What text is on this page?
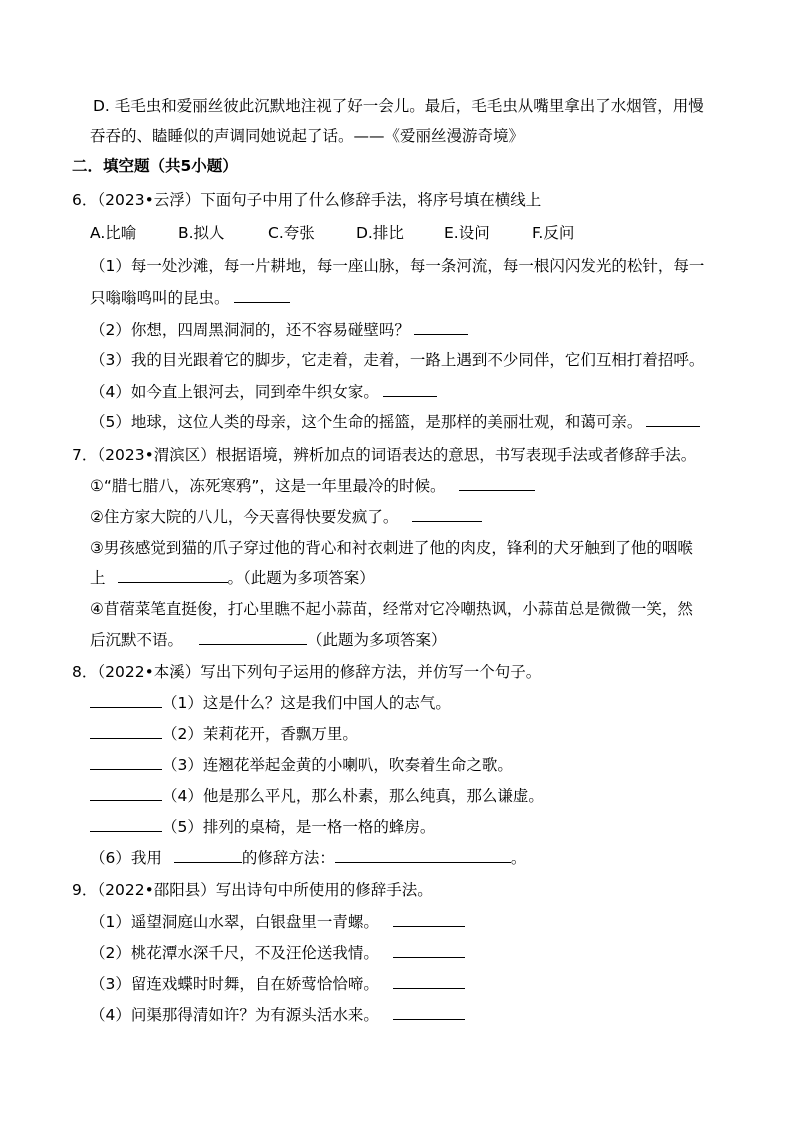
D. 毛毛虫和爱丽丝彼此沉默地注视了好一会儿。最后，毛毛虫从嘴里拿出了水烟管，用慢
吞吞的、瞌睡似的声调同她说起了话。——《爱丽丝漫游奇境》
二．填空题（共5小题）
6．（2023•云浮）下面句子中用了什么修辞手法，将序号填在横线上
A.比喻	B.拟人	C.夸张	D.排比	E.设问	F.反问
（1）每一处沙滩，每一片耕地，每一座山脉，每一条河流，每一根闪闪发光的松针，每一
只嗡嗡鸣叫的昆虫。
（2）你想，四周黑洞洞的，还不容易碰壁吗？
（3）我的目光跟着它的脚步，它走着，走着，一路上遇到不少同伴，它们互相打着招呼。
（4）如今直上银河去，同到牵牛织女家。
（5）地球，这位人类的母亲，这个生命的摇篮，是那样的美丽壮观，和蔼可亲。
7．（2023•渭滨区）根据语境，辨析加点的词语表达的意思，书写表现手法或者修辞手法。
①“腊七腊八，冻死寒鸦”，这是一年里最冷的时候。
②住方家大院的八儿，今天喜得快要发疯了。
③男孩感觉到猫的爪子穿过他的背心和衬衣刺进了他的肉皮，锋利的犬牙触到了他的咽喉
上	。（此题为多项答案）
④苜蓿菜笔直挺俊，打心里瞧不起小蒜苗，经常对它冷嘲热讽，小蒜苗总是微微一笑，然
后沉默不语。	（此题为多项答案）
8．（2022•本溪）写出下列句子运用的修辞方法，并仿写一个句子。
（1）这是什么？这是我们中国人的志气。
（2）茉莉花开，香飘万里。
（3）连翘花举起金黄的小喇叭，吹奏着生命之歌。
（4）他是那么平凡，那么朴素，那么纯真，那么谦虚。
（5）排列的桌椅，是一格一格的蜂房。
（6）我用	的修辞方法：	。
9．（2022•邵阳县）写出诗句中所使用的修辞手法。
（1）遥望洞庭山水翠，白银盘里一青螺。
（2）桃花潭水深千尺，不及汪伦送我情。
（3）留连戏蝶时时舞，自在娇莺恰恰啼。
（4）问渠那得清如许？为有源头活水来。
